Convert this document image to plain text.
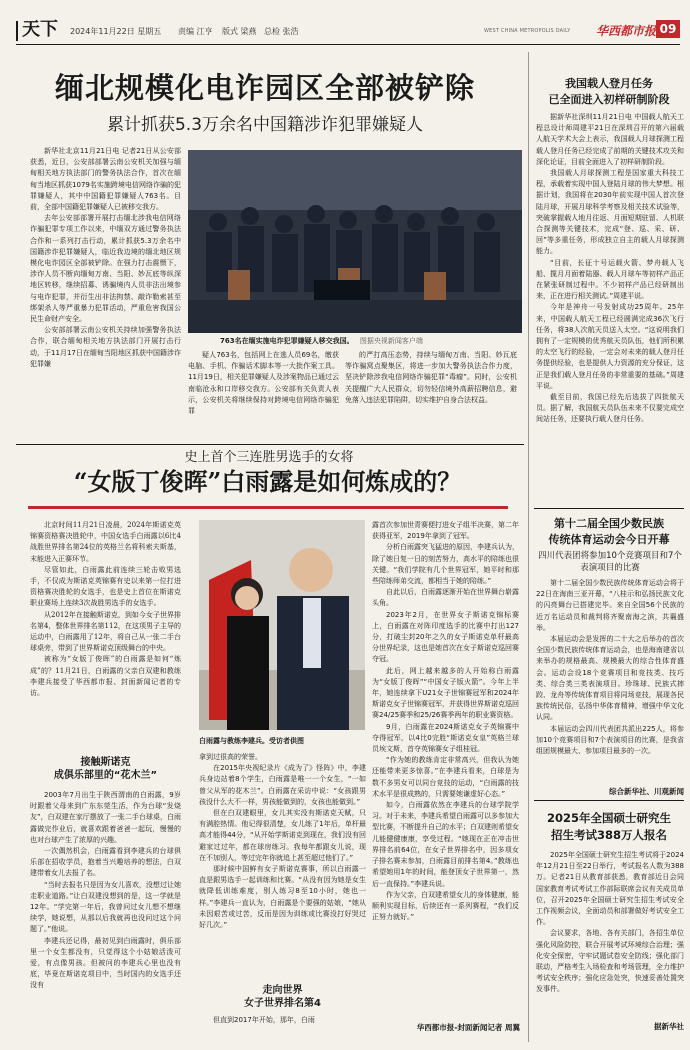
天下 2024年11月22日 星期五 责编 江亨 版式 梁燕 总检 张浩	WEST CHINA METROPOLIS DAILY 华西都市报 09
缅北规模化电诈园区全部被铲除
累计抓获5.3万余名中国籍涉诈犯罪嫌疑人

新华社北京11月21日电 记者21日从公安部获悉，近日，公安部部署云南公安机关加强与缅甸相关地方执法部门的警务执法合作，首次在缅甸当地区抓获1079名实施跨境电信网络诈骗的犯罪嫌疑人，其中中国籍犯罪嫌疑人763名。目前，全部中国籍犯罪嫌疑人已被移交我方。

去年公安部部署开展打击缅北涉我电信网络诈骗犯罪专项工作以来，中缅双方通过警务执法合作和一系列打击行动，累计抓获5.3万余名中国籍涉诈犯罪嫌疑人，临近我边境的缅北地区规模化电诈园区全部被铲除。在强力打击震慑下，涉诈人员不断向缅甸万南、当阳、妙瓦底等纵深地区转移，继续招募、诱骗境内人员非法出境参与电诈犯罪，并衍生出非法拘禁、敲诈勒索甚至绑架杀人等严重暴力犯罪活动，严重危害我国公民生命财产安全。

公安部部署云南公安机关持续加强警务执法合作，联合缅甸相关地方执法部门开展打击行动，于11月17日在缅甸当阳地区抓获中国籍涉诈犯罪嫌

763名在缅实施电诈犯罪嫌疑人移交我国。 图据央视新闻客户端

疑人763名，包括网上在逃人员69名，缴获电脑、手机、作骗话术脚本等一大批作案工具。11月19日，相关犯罪嫌疑人及涉案物品已通过云南临沧永和口岸移交我方。公安部有关负责人表示，公安机关将继续保持对跨境电信网络诈骗犯罪

的严打高压态势，持续与缅甸万南、当阳、妙瓦底等诈骗窝点聚集区，将进一步加大警务执法合作力度，坚决铲除涉我电信网络诈骗犯罪“毒瘤”。同时，公安机关提醒广大人民群众，切勿轻信境外高薪招聘信息，避免落入违法犯罪陷阱，切实维护自身合法权益。

史上首个三连胜男选手的女将
“女版丁俊晖”白雨露是如何炼成的？

北京时间11月21日凌晨，2024年斯诺克英锦赛资格赛决胜轮中，中国女选手白雨露以6比4战胜世界排名第24位的英格兰名将科索夫斯基，末能进入正赛环节。

尽管如此，白雨露此前连续三轮击败男选手，不仅成为斯诺克英锦赛有史以来第一位打进资格赛决胜轮的女选手，也是史上首位在斯诺克职业赛场上连续3次战胜男选手的女选手。

从2012年在接触斯诺克，到如今女子世界排名第4，整体世界排名第112，在这项男子主导的运动中，白雨露用了12年，将自己从一张二手台球桌旁，带到了世界斯诺克顶级舞台的中央。

被称为“女版丁俊晖”的白雨露是如何“炼成”的？11月21日，白雨露的父亲白双建和教练李建兵接受了华西都市报、封面新闻记者的专访。

接触斯诺克
成俱乐部里的“花木兰”

2003年7月出生于陕西渭南的白雨露，9岁时跟着父母来到广东东莞生活，作为台球“发烧友”，白双建在家厅摆放了一张二手台球桌，白雨露做完作业后，就喜欢跟着爸爸一起玩，慢慢的也对台球产生了浓厚的兴趣。

一次偶然机会，白雨露看到李建兵的台球俱乐部在招收学员，抱着当兴趣培养的想法，白双建带着女儿去报了名。

“当时去报名只是因为女儿喜欢，没想过让她走职业道路。”让白双建没想到的是，这一学就是12年。“学完第一年后，我曾问过女儿想不想继续学，她说想，从那以后我就再也没问过这个问题了。”他说。

李建兵还记得，最初见到白雨露时，俱乐部里一个女生都没有，只觉得这个小姑娘活泼可爱，有点像男孩。但被问的李建兵心里也没有底，毕竟在斯诺克项目中，当时国内的女选手还没有

白雨露与教练李建兵。受访者供图

拿到过很高的荣誉。

在2015年央视纪录片《成为了》怪阵》中，李建兵身边站着8个学生，白雨露是唯一一个女生，“一如曾父从军的花木兰”。白雨露在采访中说：“女孩跟男孩没什么大不一样，男孩能做到的，女孩也能做到。”

但在白双建眼里，女儿其实没有斯诺克天赋，只有满腔热情。他记得很清楚，女儿练了1年后，单杆最高才能得44分，“从开始学斯诺克到现在，我们没有回避家过过年，都在球房练习。我每年都跟女儿说，现在不加别人，等过完年你就追上甚至超过他们了。”

那时候中国鲜有女子斯诺克赛事，所以白雨露一直是跟男选手一起训练和比赛。“从没有因为她是女生就降低训练难度，别人练习8至10小时，她也一样。”李建兵一直认为，白雨露是个要强的姑娘，“她从未因艰苦或过苦，反而是因为训练或比赛没打好哭过好几次。”

走向世界
女子世界排名第4

但直到2017年开始，那年，白雨

露首次参加世青赛便打进女子组半决赛，第二年获得亚军，2019年拿到了冠军。

分析白雨露突飞猛进的原因，李建兵认为，除了她日复一日的刻苦努力，高水平的陪练也很关键。“我们学院有几个世界冠军，她平时和那些陪练师弟交流，都相当于她的陪练。”

自此以后，白雨露逐渐开始在世界舞台崭露头角。

2023年2月，在世界女子斯诺克锦标赛上，白雨露在对阵印度选手的比赛中打出127分，打破尘封20年之久的女子斯诺克单杆最高分世界纪录，这也是她首次在女子斯诺克巡回赛夺冠。

此后，网上越来越多的人开始称白雨露为“女版丁俊晖”“中国女子版火箭”。今年上半年，她连续拿下U21女子世锦赛冠军和2024年斯诺克女子世锦赛冠军，并获得世界斯诺克巡回赛24/25赛季和25/26赛季两年的职业赛资格。

9月，白雨露在2024斯诺克女子英锦赛中夺得冠军，以4比0完胜“斯诺克女皇”英格兰球员埃文斯，首夺英锦赛女子组桂冠。

“作为她的教练肯定非常高兴，但我认为她还能带来更多惊喜。”在李建兵看来，白球是为数不多男女可以同台竞技的运动，“白雨露的技术水平是很成熟的，只需要她谦虚好心态。”

如今，白雨露依然在李建兵的台球学院学习。对于未来，李建兵希望白雨露可以多参加大型比赛，不断提升自己的水平；白双建则希望女儿能健健康康，享受过程。“她现在正在冲击世界排名前64位，在女子世界排名中，因多项女子排名赛未参加，白雨露目前排名第4。”教练也希望她用1年的时间，能登顶女子世界第一，然后一直保持。”李建兵说。

作为父亲，白双建希望女儿的身体健康，能顺利实现目标，后续还有一系列赛程，“我们反正努力就好。”

华西都市报-封面新闻记者 周翼
我国载人登月任务
已全面进入初样研制阶段

据新华社深圳11月21日电 中国载人航天工程总设计师周建平21日在深圳召开的第六届载人航天学术大会上表示，我国载人月球探测工程载人登月任务已经完成了前期的关键技术攻关和深化论证，目前全面进入了初样研制阶段。

我国载人月球探测工程是国家重大科技工程，承载着实现中国人登陆月球的伟大梦想。根据计划，我国将在2030年前实现中国人首次登陆月球，开展月球科学考察及相关技术试验等，突破掌握载人地月往返、月面短期驻留、人机联合探测等关键技术，完成“登、巡、采、研、回”等多重任务，形成独立自主的载人月球探测能力。

“目前，长征十号运载火箭、梦舟载人飞船、揽月月面着陆器、载人月球车等初样产品正在紧张研制过程中。不少初样产品已经研制出来，正在进行相关测试。”周建平说。

今年是神舟一号发射成功25周年。25年来，中国载人航天工程已经圆满完成36次飞行任务，将38人次航天员送入太空。“这说明我们拥有了一定规模的优秀航天员队伍，他们所积累的太空飞行的经验，一定会对未来的载人登月任务提供经验，也是提供人力资源的充分保证，这正是我们载人登月任务的非常重要的基础。”周建平说。

截至目前，我国已经先后选拔了四批航天员。据了解，我国航天员队伍未来不仅要完成空间站任务，还要执行载人登月任务。

第十二届全国少数民族
传统体育运动会今日开幕
四川代表团将参加10个竞赛项目和7个表演项目的比赛

第十二届全国少数民族传统体育运动会将于22日在海南三亚开幕，“八桂示和弘扬民族文化的闪亮舞台已搭建完毕。来自全国56个民族的近万名运动员和裁判将齐聚南海之滨，共襄盛举。

本届运动会是发挥的二十大之后举办的首次全国少数民族传统体育运动会，也是海南建省以来举办的规格最高、规模最大的综合性体育盛会。运动会设18个竞赛项目和竞技类、技巧类、综合类三类表演项目。珍珠球、民族式摔跤、龙舟等传统体育项目将同场竞技，展现各民族传统民俗，弘扬中华体育精神，增强中华文化认同。

本届运动会四川代表团共派出225人，将参加10个竞赛项目和7个表演项目的比赛，是我省组团规模最大、参加项目最多的一次。

综合新华社、川观新闻
2025年全国硕士研究生
招生考试388万人报名

2025年全国硕士研究生招生考试将于2024年12月21日至22日举行，考试报名人数为388万。记者21日从教育部获悉，教育部近日会同国家教育考试考试工作部际联席会议有关成员单位，召开2025年全国硕士研究生招生考试安全工作视频会议，全面动员和部署做好考试安全工作。

会议要求，各地、各有关部门，各招生单位强化风险防控，联合开展考试环境综合治理；强化安全保密，守牢试题试卷安全防线；强化部门联动，严格考生入场检查和考场管理，全力维护考试安全秩序；强化应急处突，快速妥善处置突发事件。

据新华社
